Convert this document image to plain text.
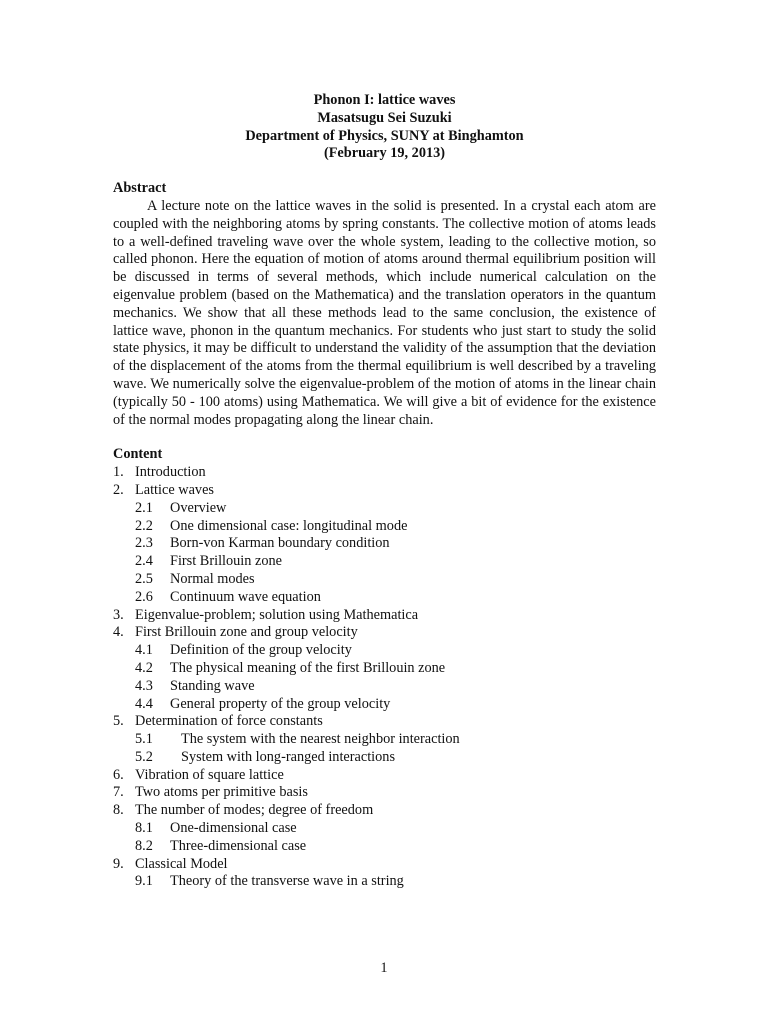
Phonon I: lattice waves
Masatsugu Sei Suzuki
Department of Physics, SUNY at Binghamton
(February 19, 2013)
Abstract

A lecture note on the lattice waves in the solid is presented. In a crystal each atom are coupled with the neighboring atoms by spring constants. The collective motion of atoms leads to a well-defined traveling wave over the whole system, leading to the collective motion, so called phonon. Here the equation of motion of atoms around thermal equilibrium position will be discussed in terms of several methods, which include numerical calculation on the eigenvalue problem (based on the Mathematica) and the translation operators in the quantum mechanics. We show that all these methods lead to the same conclusion, the existence of lattice wave, phonon in the quantum mechanics. For students who just start to study the solid state physics, it may be difficult to understand the validity of the assumption that the deviation of the displacement of the atoms from the thermal equilibrium is well described by a traveling wave. We numerically solve the eigenvalue-problem of the motion of atoms in the linear chain (typically 50 - 100 atoms) using Mathematica. We will give a bit of evidence for the existence of the normal modes propagating along the linear chain.

Content
1. Introduction
2. Lattice waves
2.1 Overview
2.2 One dimensional case: longitudinal mode
2.3 Born-von Karman boundary condition
2.4 First Brillouin zone
2.5 Normal modes
2.6 Continuum wave equation
3. Eigenvalue-problem; solution using Mathematica
4. First Brillouin zone and group velocity
4.1 Definition of the group velocity
4.2 The physical meaning of the first Brillouin zone
4.3 Standing wave
4.4 General property of the group velocity
5. Determination of force constants
5.1 The system with the nearest neighbor interaction
5.2 System with long-ranged interactions
6. Vibration of square lattice
7. Two atoms per primitive basis
8. The number of modes; degree of freedom
8.1 One-dimensional case
8.2 Three-dimensional case
9. Classical Model
9.1 Theory of the transverse wave in a string
1
